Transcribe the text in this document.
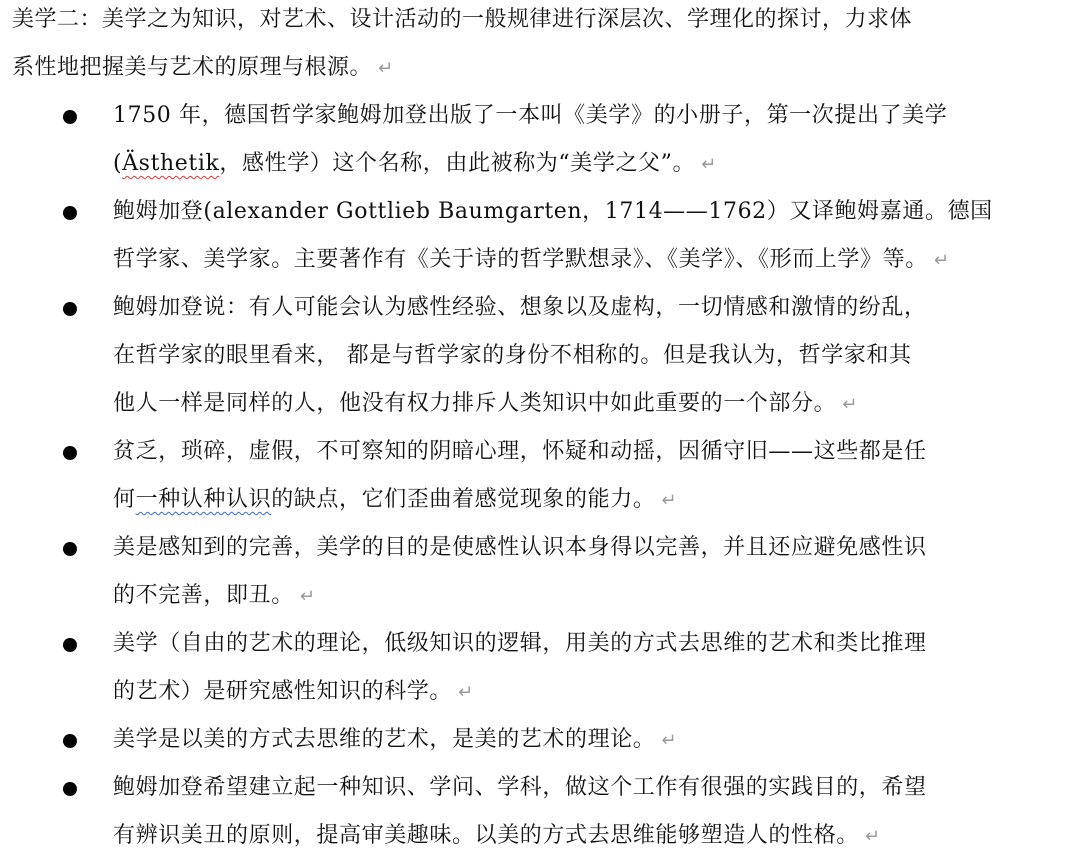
美学二：美学之为知识，对艺术、设计活动的一般规律进行深层次、学理化的探讨，力求体
系性地把握美与艺术的原理与根源。 ↵
1750 年，德国哲学家鲍姆加登出版了一本叫《美学》的小册子，第一次提出了美学
(Ästhetik，感性学）这个名称，由此被称为“美学之父”。 ↵
鲍姆加登(alexander Gottlieb Baumgarten，1714——1762）又译鲍姆嘉通。德国
哲学家、美学家。主要著作有《关于诗的哲学默想录》、《美学》、《形而上学》等。 ↵
鲍姆加登说：有人可能会认为感性经验、想象以及虚构，一切情感和激情的纷乱，
在哲学家的眼里看来， 都是与哲学家的身份不相称的。但是我认为，哲学家和其
他人一样是同样的人，他没有权力排斥人类知识中如此重要的一个部分。 ↵
贫乏，琐碎，虚假，不可察知的阴暗心理，怀疑和动摇，因循守旧——这些都是任
何一种认种认识的缺点，它们歪曲着感觉现象的能力。 ↵
美是感知到的完善，美学的目的是使感性认识本身得以完善，并且还应避免感性识
的不完善，即丑。 ↵
美学（自由的艺术的理论，低级知识的逻辑，用美的方式去思维的艺术和类比推理
的艺术）是研究感性知识的科学。 ↵
美学是以美的方式去思维的艺术，是美的艺术的理论。 ↵
鲍姆加登希望建立起一种知识、学问、学科，做这个工作有很强的实践目的，希望
有辨识美丑的原则，提高审美趣味。以美的方式去思维能够塑造人的性格。 ↵
